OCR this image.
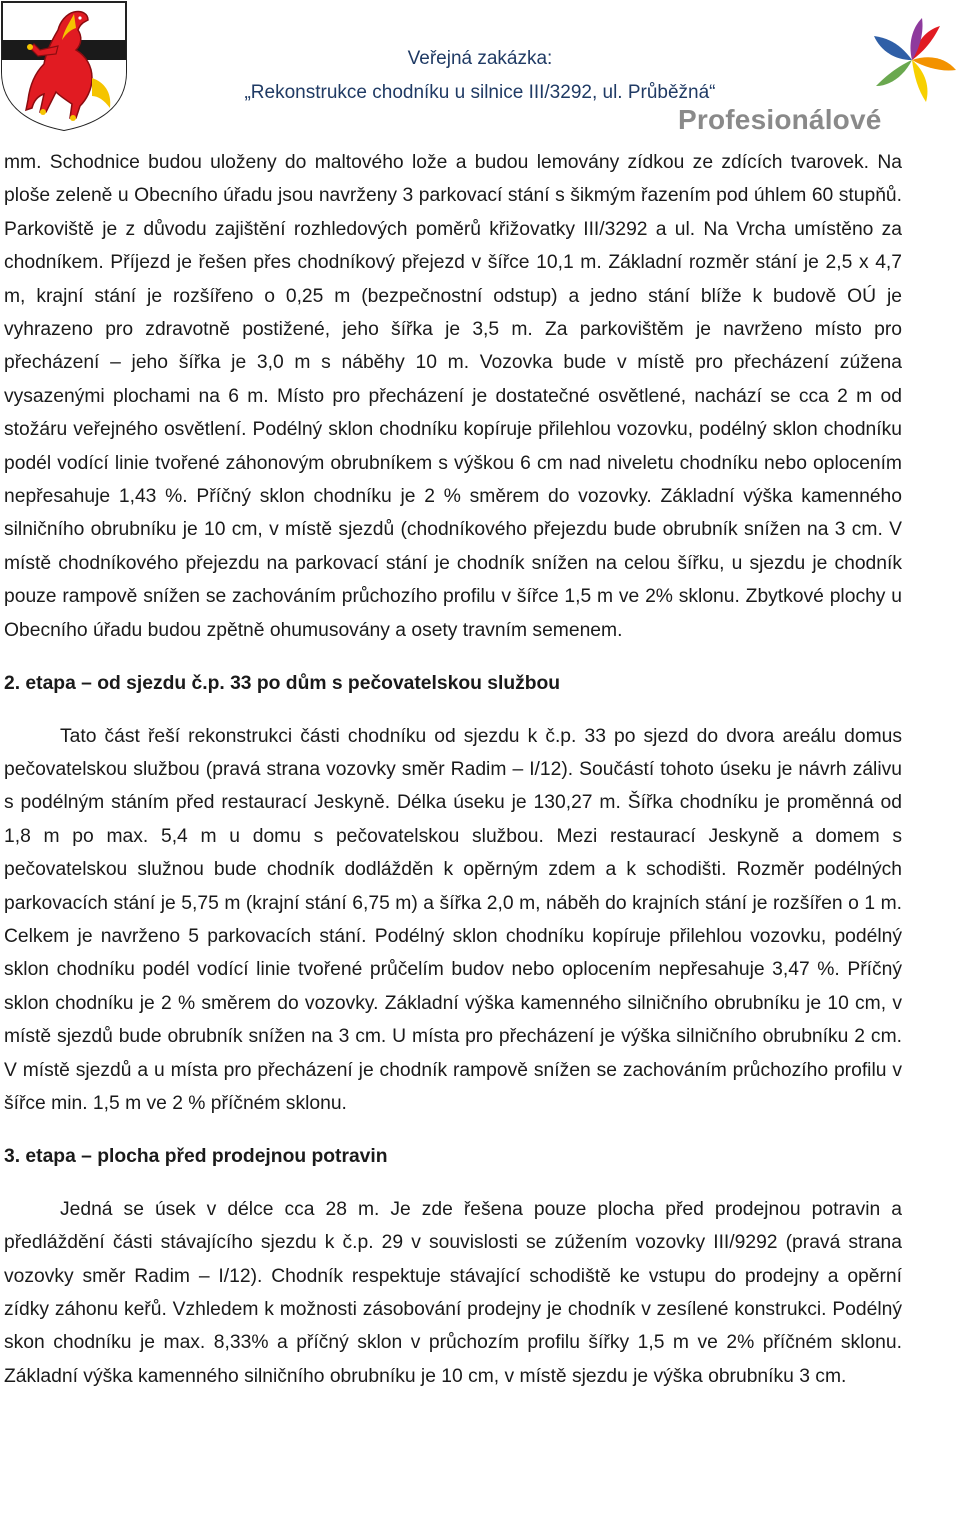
Veřejná zakázka:
„Rekonstrukce chodníku u silnice III/3292, ul. Průběžná“
Profesionálové

mm. Schodnice budou uloženy do maltového lože a budou lemovány zídkou ze zdících tvarovek. Na ploše zeleně u Obecního úřadu jsou navrženy 3 parkovací stání s šikmým řazením pod úhlem 60 stupňů. Parkoviště je z důvodu zajištění rozhledových poměrů křižovatky III/3292 a ul. Na Vrcha umístěno za chodníkem. Příjezd je řešen přes chodníkový přejezd v šířce 10,1 m. Základní rozměr stání je 2,5 x 4,7 m, krajní stání je rozšířeno o 0,25 m (bezpečnostní odstup) a jedno stání blíže k budově OÚ je vyhrazeno pro zdravotně postižené, jeho šířka je 3,5 m. Za parkovištěm je navrženo místo pro přecházení – jeho šířka je 3,0 m s náběhy 10 m. Vozovka bude v místě pro přecházení zúžena vysazenými plochami na 6 m. Místo pro přecházení je dostatečné osvětlené, nachází se cca 2 m od stožáru veřejného osvětlení. Podélný sklon chodníku kopíruje přilehlou vozovku, podélný sklon chodníku podél vodící linie tvořené záhonovým obrubníkem s výškou 6 cm nad niveletu chodníku nebo oplocením nepřesahuje 1,43 %. Příčný sklon chodníku je 2 % směrem do vozovky. Základní výška kamenného silničního obrubníku je 10 cm, v místě sjezdů (chodníkového přejezdu bude obrubník snížen na 3 cm. V místě chodníkového přejezdu na parkovací stání je chodník snížen na celou šířku, u sjezdu je chodník pouze rampově snížen se zachováním průchozího profilu v šířce 1,5 m ve 2% sklonu. Zbytkové plochy u Obecního úřadu budou zpětně ohumusovány a osety travním semenem.

2. etapa – od sjezdu č.p. 33 po dům s pečovatelskou službou

Tato část řeší rekonstrukci části chodníku od sjezdu k č.p. 33 po sjezd do dvora areálu domus pečovatelskou službou (pravá strana vozovky směr Radim – I/12). Součástí tohoto úseku je návrh zálivu s podélným stáním před restaurací Jeskyně. Délka úseku je 130,27 m. Šířka chodníku je proměnná od 1,8 m po max. 5,4 m u domu s pečovatelskou službou. Mezi restaurací Jeskyně a domem s pečovatelskou služnou bude chodník dodlážděn k opěrným zdem a k schodišti. Rozměr podélných parkovacích stání je 5,75 m (krajní stání 6,75 m) a šířka 2,0 m, náběh do krajních stání je rozšířen o 1 m. Celkem je navrženo 5 parkovacích stání. Podélný sklon chodníku kopíruje přilehlou vozovku, podélný sklon chodníku podél vodící linie tvořené průčelím budov nebo oplocením nepřesahuje 3,47 %. Příčný sklon chodníku je 2 % směrem do vozovky. Základní výška kamenného silničního obrubníku je 10 cm, v místě sjezdů bude obrubník snížen na 3 cm. U místa pro přecházení je výška silničního obrubníku 2 cm. V místě sjezdů a u místa pro přecházení je chodník rampově snížen se zachováním průchozího profilu v šířce min. 1,5 m ve 2 % příčném sklonu.

3. etapa – plocha před prodejnou potravin

Jedná se úsek v délce cca 28 m. Je zde řešena pouze plocha před prodejnou potravin a předláždění části stávajícího sjezdu k č.p. 29 v souvislosti se zúžením vozovky III/9292 (pravá strana vozovky směr Radim – I/12). Chodník respektuje stávající schodiště ke vstupu do prodejny a opěrní zídky záhonu keřů. Vzhledem k možnosti zásobování prodejny je chodník v zesílené konstrukci. Podélný skon chodníku je max. 8,33% a příčný sklon v průchozím profilu šířky 1,5 m ve 2% příčném sklonu. Základní výška kamenného silničního obrubníku je 10 cm, v místě sjezdu je výška obrubníku 3 cm.
